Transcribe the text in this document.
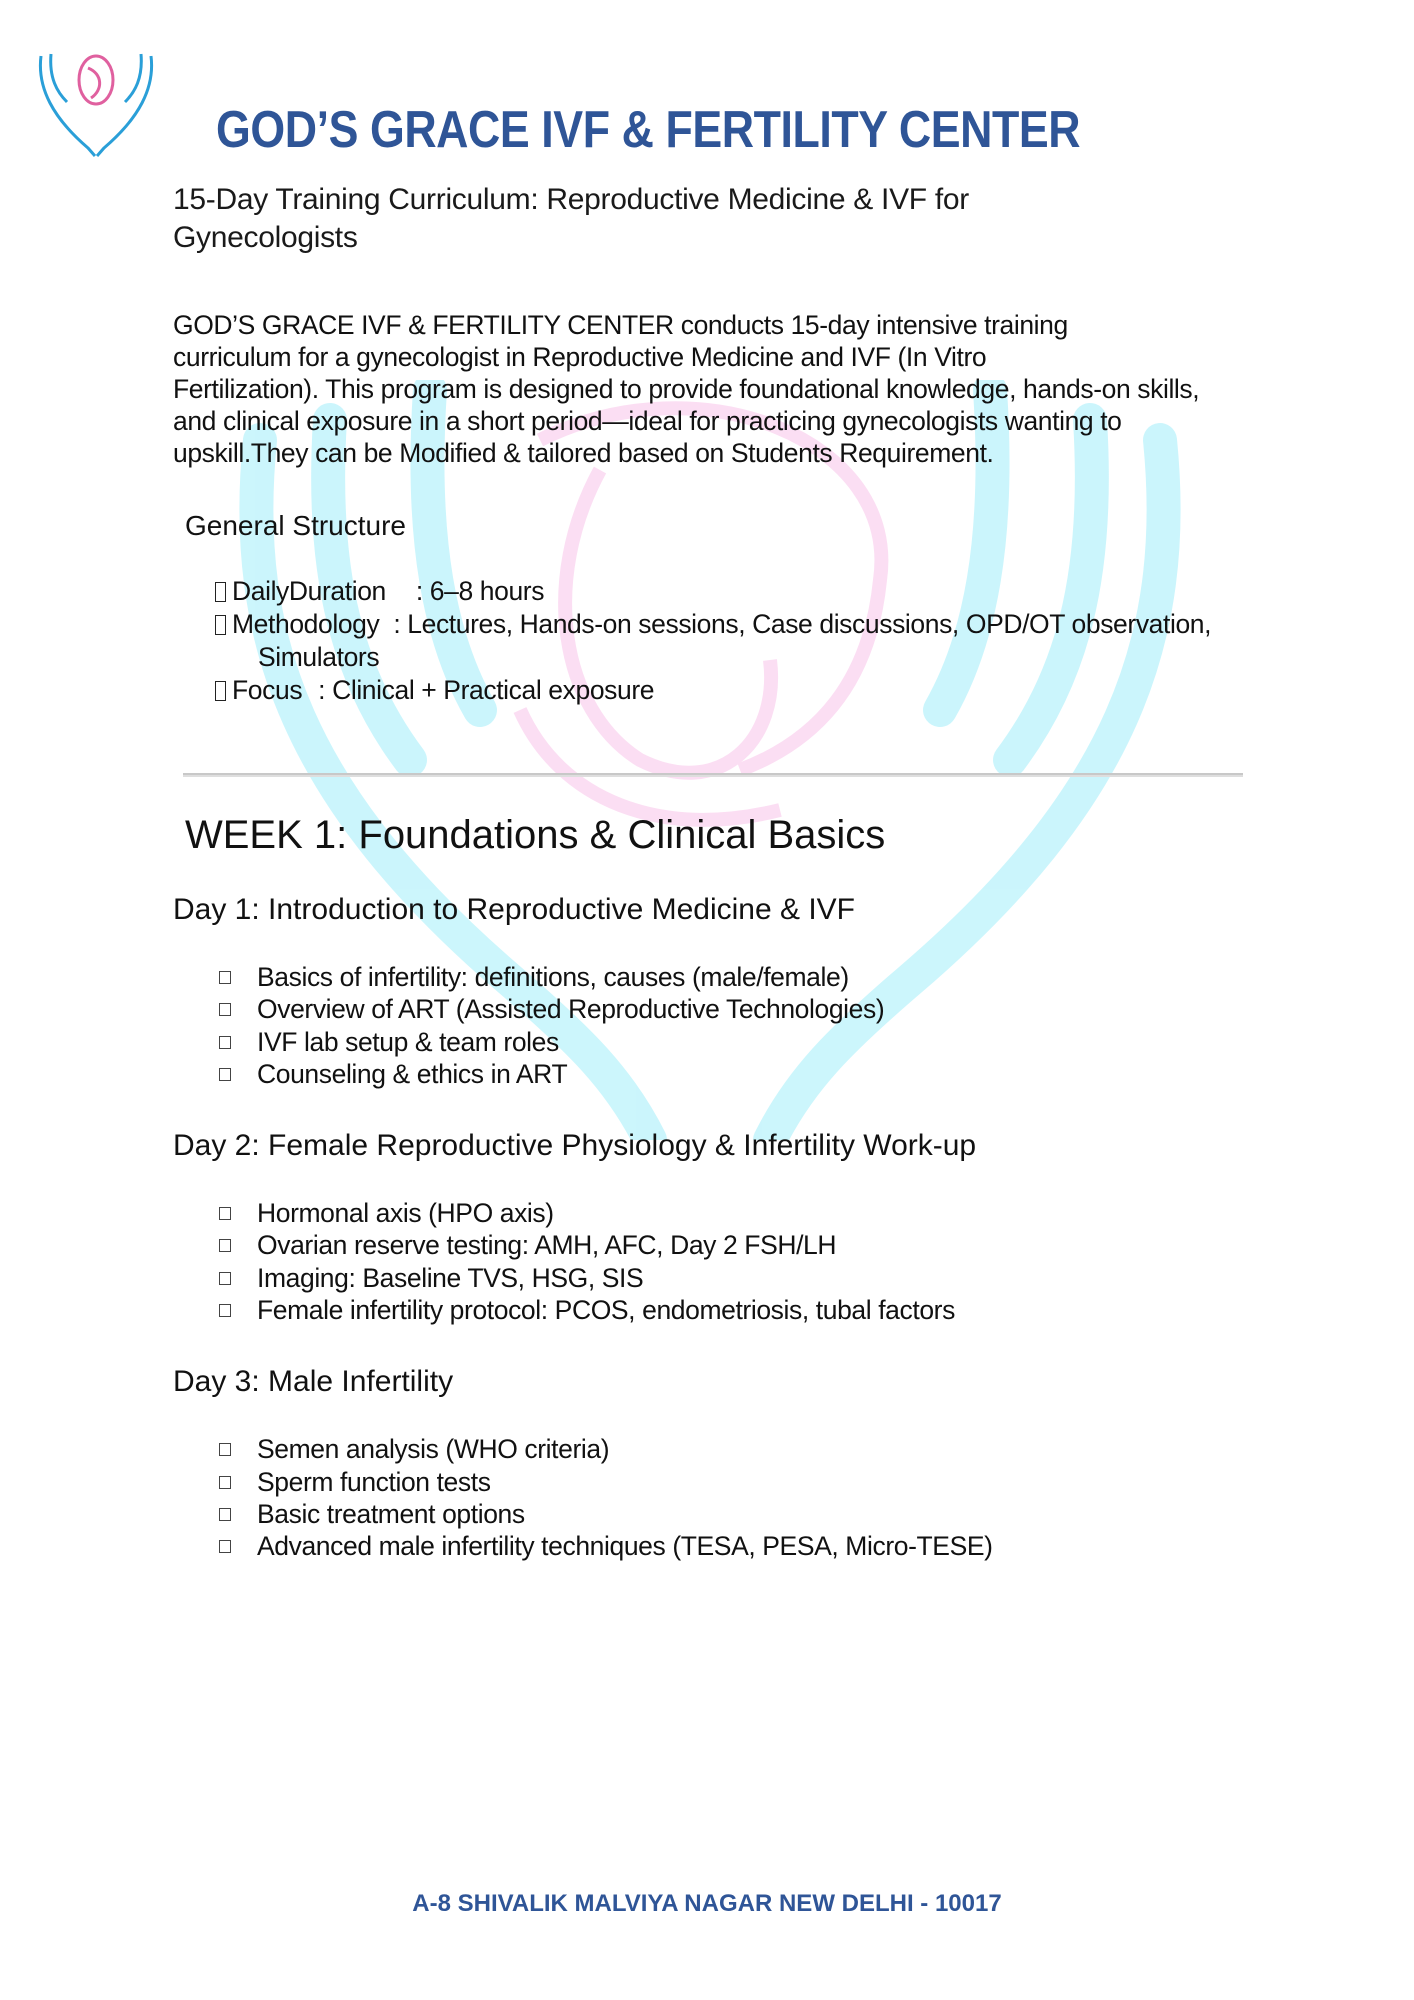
GOD’S GRACE IVF & FERTILITY CENTER
15-Day Training Curriculum: Reproductive Medicine & IVF for
Gynecologists
GOD’S GRACE IVF & FERTILITY CENTER conducts 15-day intensive training
curriculum for a gynecologist in Reproductive Medicine and IVF (In Vitro
Fertilization). This program is designed to provide foundational knowledge, hands-on skills,
and clinical exposure in a short period—ideal for practicing gynecologists wanting to
upskill.They can be Modified & tailored based on Students Requirement.
General Structure
DailyDuration : 6–8 hours
Methodology : Lectures, Hands-on sessions, Case discussions, OPD/OT observation,
Simulators
Focus : Clinical + Practical exposure
WEEK 1: Foundations & Clinical Basics
Day 1: Introduction to Reproductive Medicine & IVF
Basics of infertility: definitions, causes (male/female)
Overview of ART (Assisted Reproductive Technologies)
IVF lab setup & team roles
Counseling & ethics in ART
Day 2: Female Reproductive Physiology & Infertility Work-up
Hormonal axis (HPO axis)
Ovarian reserve testing: AMH, AFC, Day 2 FSH/LH
Imaging: Baseline TVS, HSG, SIS
Female infertility protocol: PCOS, endometriosis, tubal factors
Day 3: Male Infertility
Semen analysis (WHO criteria)
Sperm function tests
Basic treatment options
Advanced male infertility techniques (TESA, PESA, Micro-TESE)
A-8 SHIVALIK MALVIYA NAGAR NEW DELHI - 10017
